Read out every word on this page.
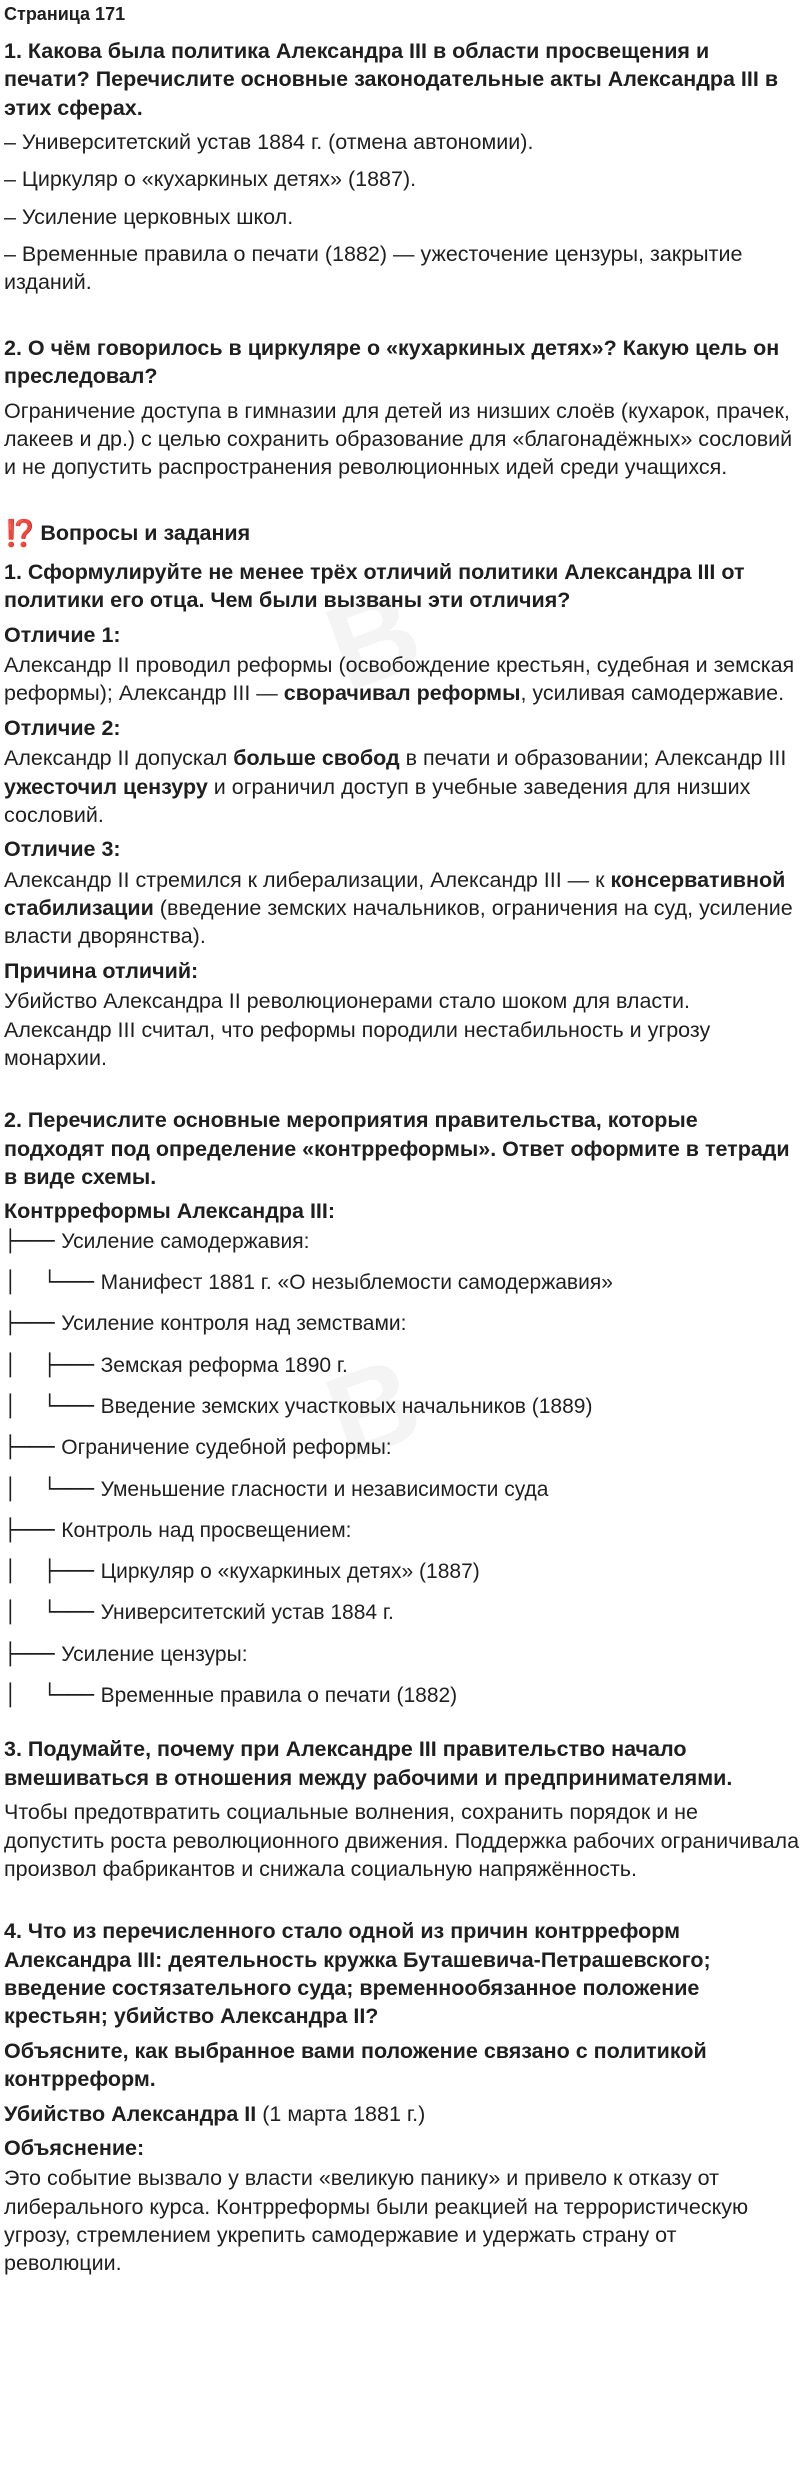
Страница 171
1. Какова была политика Александра III в области просвещения и печати? Перечислите основные законодательные акты Александра III в этих сферах.
– Университетский устав 1884 г. (отмена автономии).
– Циркуляр о «кухаркиных детях» (1887).
– Усиление церковных школ.
– Временные правила о печати (1882) — ужесточение цензуры, закрытие изданий.
2. О чём говорилось в циркуляре о «кухаркиных детях»? Какую цель он преследовал?

Ограничение доступа в гимназии для детей из низших слоёв (кухарок, прачек, лакеев и др.) с целью сохранить образование для «благонадёжных» сословий и не допустить распространения революционных идей среди учащихся.

⁉️ Вопросы и задания
1. Сформулируйте не менее трёх отличий политики Александра III от политики его отца. Чем были вызваны эти отличия?
Отличие 1:

Александр II проводил реформы (освобождение крестьян, судебная и земская реформы); Александр III — сворачивал реформы, усиливая самодержавие.

Отличие 2:

Александр II допускал больше свобод в печати и образовании; Александр III ужесточил цензуру и ограничил доступ в учебные заведения для низших сословий.

Отличие 3:

Александр II стремился к либерализации, Александр III — к консервативной стабилизации (введение земских начальников, ограничения на суд, усиление власти дворянства).

Причина отличий:

Убийство Александра II революционерами стало шоком для власти. Александр III считал, что реформы породили нестабильность и угрозу монархии.

2. Перечислите основные мероприятия правительства, которые подходят под определение «контрреформы». Ответ оформите в тетради в виде схемы.
Контрреформы Александра III:
├─── Усиление самодержавия:
│    └─── Манифест 1881 г. «О незыблемости самодержавия»
├─── Усиление контроля над земствами:
│    ├─── Земская реформа 1890 г.
│    └─── Введение земских участковых начальников (1889)
├─── Ограничение судебной реформы:
│    └─── Уменьшение гласности и независимости суда
├─── Контроль над просвещением:
│    ├─── Циркуляр о «кухаркиных детях» (1887)
│    └─── Университетский устав 1884 г.
├─── Усиление цензуры:
│    └─── Временные правила о печати (1882)
3. Подумайте, почему при Александре III правительство начало вмешиваться в отношения между рабочими и предпринимателями.

Чтобы предотвратить социальные волнения, сохранить порядок и не допустить роста революционного движения. Поддержка рабочих ограничивала произвол фабрикантов и снижала социальную напряжённость.

4. Что из перечисленного стало одной из причин контрреформ Александра III: деятельность кружка Буташевича-Петрашевского; введение состязательного суда; временнообязанное положение крестьян; убийство Александра II?
Объясните, как выбранное вами положение связано с политикой контрреформ.

Убийство Александра II (1 марта 1881 г.)

Объяснение:

Это событие вызвало у власти «великую панику» и привело к отказу от либерального курса. Контрреформы были реакцией на террористическую угрозу, стремлением укрепить самодержавие и удержать страну от революции.
